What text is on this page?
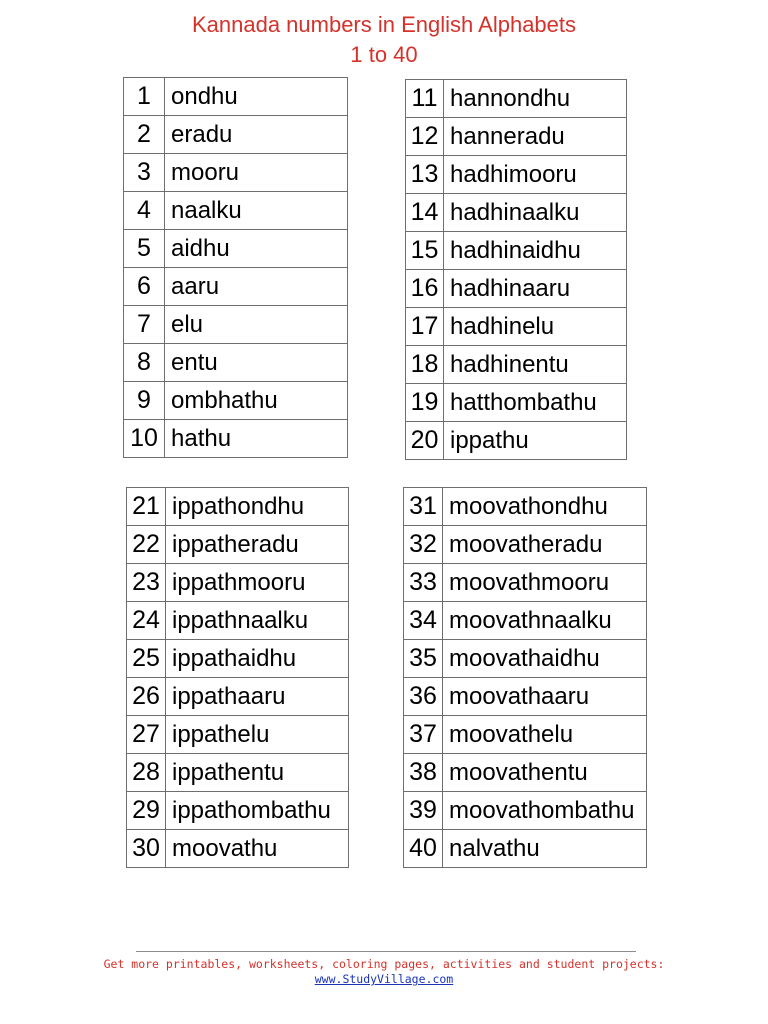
Kannada numbers in English Alphabets
1 to 40
1	ondhu
2	eradu
3	mooru
4	naalku
5	aidhu
6	aaru
7	elu
8	entu
9	ombhathu
10	hathu
11	hannondhu
12	hanneradu
13	hadhimooru
14	hadhinaalku
15	hadhinaidhu
16	hadhinaaru
17	hadhinelu
18	hadhinentu
19	hatthombathu
20	ippathu
21	ippathondhu
22	ippatheradu
23	ippathmooru
24	ippathnaalku
25	ippathaidhu
26	ippathaaru
27	ippathelu
28	ippathentu
29	ippathombathu
30	moovathu
31	moovathondhu
32	moovatheradu
33	moovathmooru
34	moovathnaalku
35	moovathaidhu
36	moovathaaru
37	moovathelu
38	moovathentu
39	moovathombathu
40	nalvathu
Get more printables, worksheets, coloring pages, activities and student projects:
www.StudyVillage.com
